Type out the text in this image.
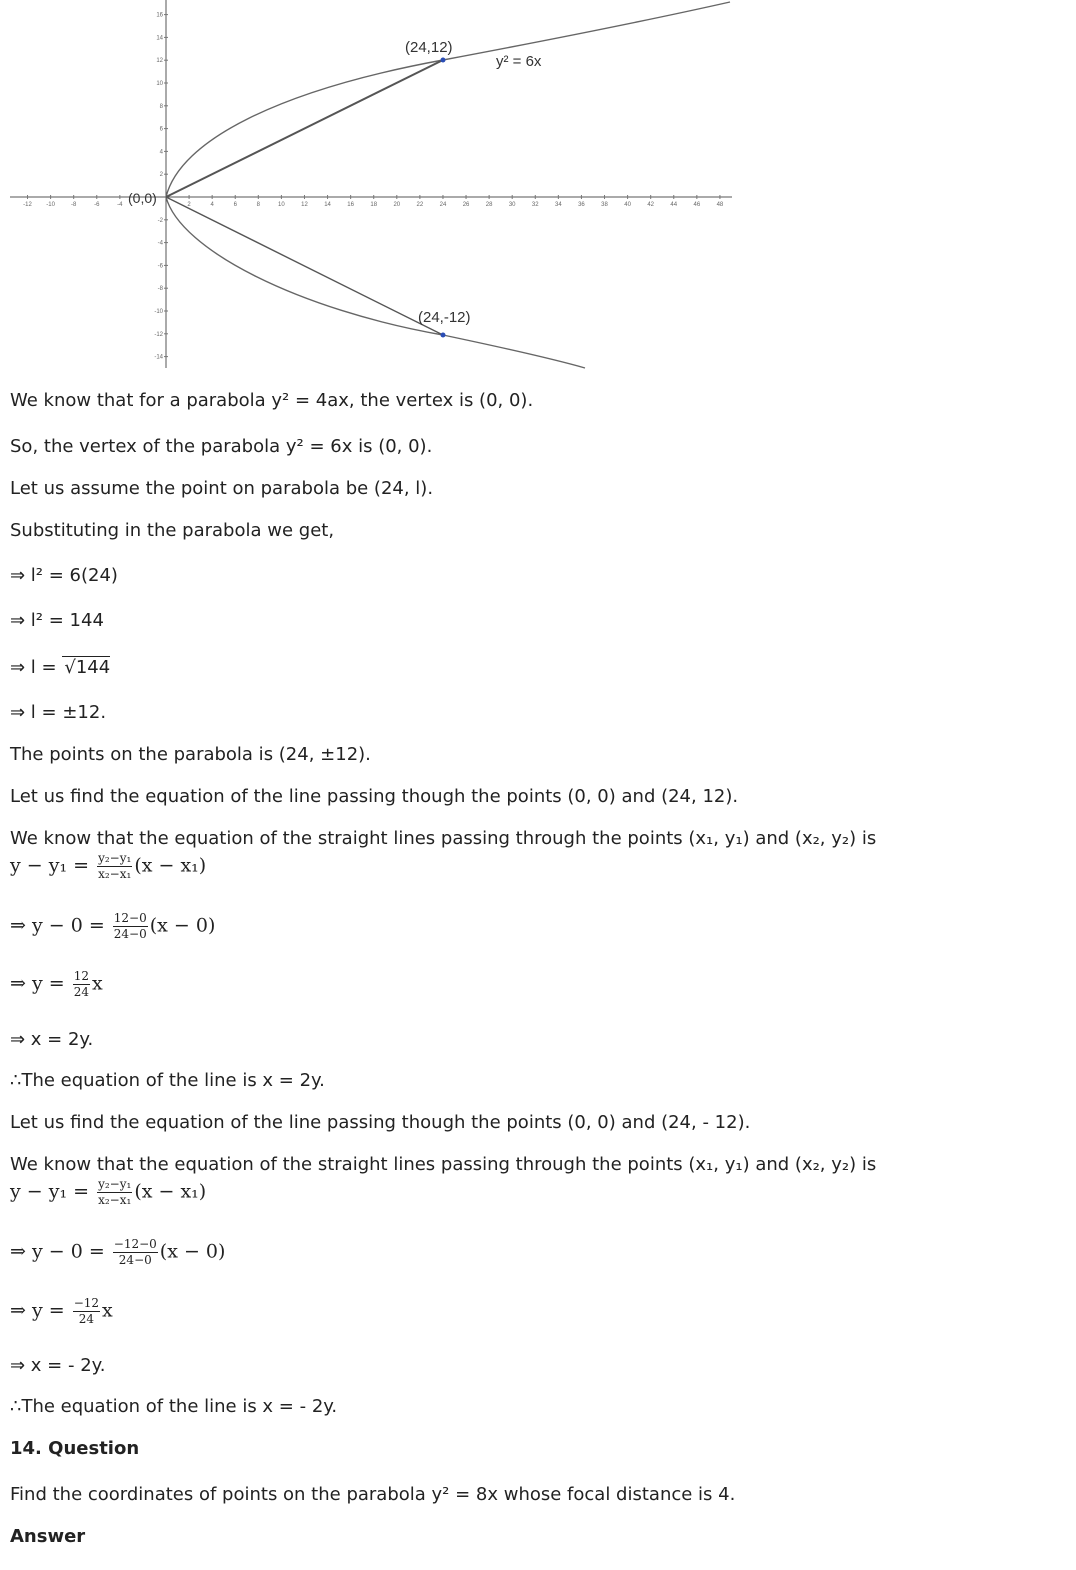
-12 -10	-8	-6	-4	2	4	6	8	10	12	14	16	18	20	22	24	26	28	30	32	34	36	38	40	42	44	46	48
16
14
12
10
8
6
4
2
-2
-4
-6
-8
-10
-12
-14
(24,12)
(24,-12)
(0,0)
y² = 6x
We know that for a parabola y² = 4ax, the vertex is (0, 0).
So, the vertex of the parabola y² = 6x is (0, 0).
Let us assume the point on parabola be (24, l).
Substituting in the parabola we get,
⇒ l² = 6(24)
⇒ l² = 144
⇒ l = √144
⇒ l = ±12.
The points on the parabola is (24, ±12).
Let us find the equation of the line passing though the points (0, 0) and (24, 12).
We know that the equation of the straight lines passing through the points (x₁, y₁) and (x₂, y₂) is
$y - y_1 = \frac{\text{y₂−y₁}}{\text{x₂−x₁}} (x - x_1)$
⇒ $y - 0 = \frac{12-0}{24-0} (x - 0)$
⇒ $y = \frac{12}{24}$ x
⇒ x = 2y.
∴The equation of the line is x = 2y.
Let us find the equation of the line passing though the points (0, 0) and (24, - 12).
We know that the equation of the straight lines passing through the points (x₁, y₁) and (x₂, y₂) is
$y - y_1 = \frac{\text{y₂−y₁}}{\text{x₂−x₁}} (x - x_1)$
⇒ $y - 0 = \frac{-12-0}{24-0} (x - 0)$
⇒ $y = \frac{-12}{24}$ x
⇒ x = - 2y.
∴The equation of the line is x = - 2y.
14. Question
Find the coordinates of points on the parabola y² = 8x whose focal distance is 4.
Answer
